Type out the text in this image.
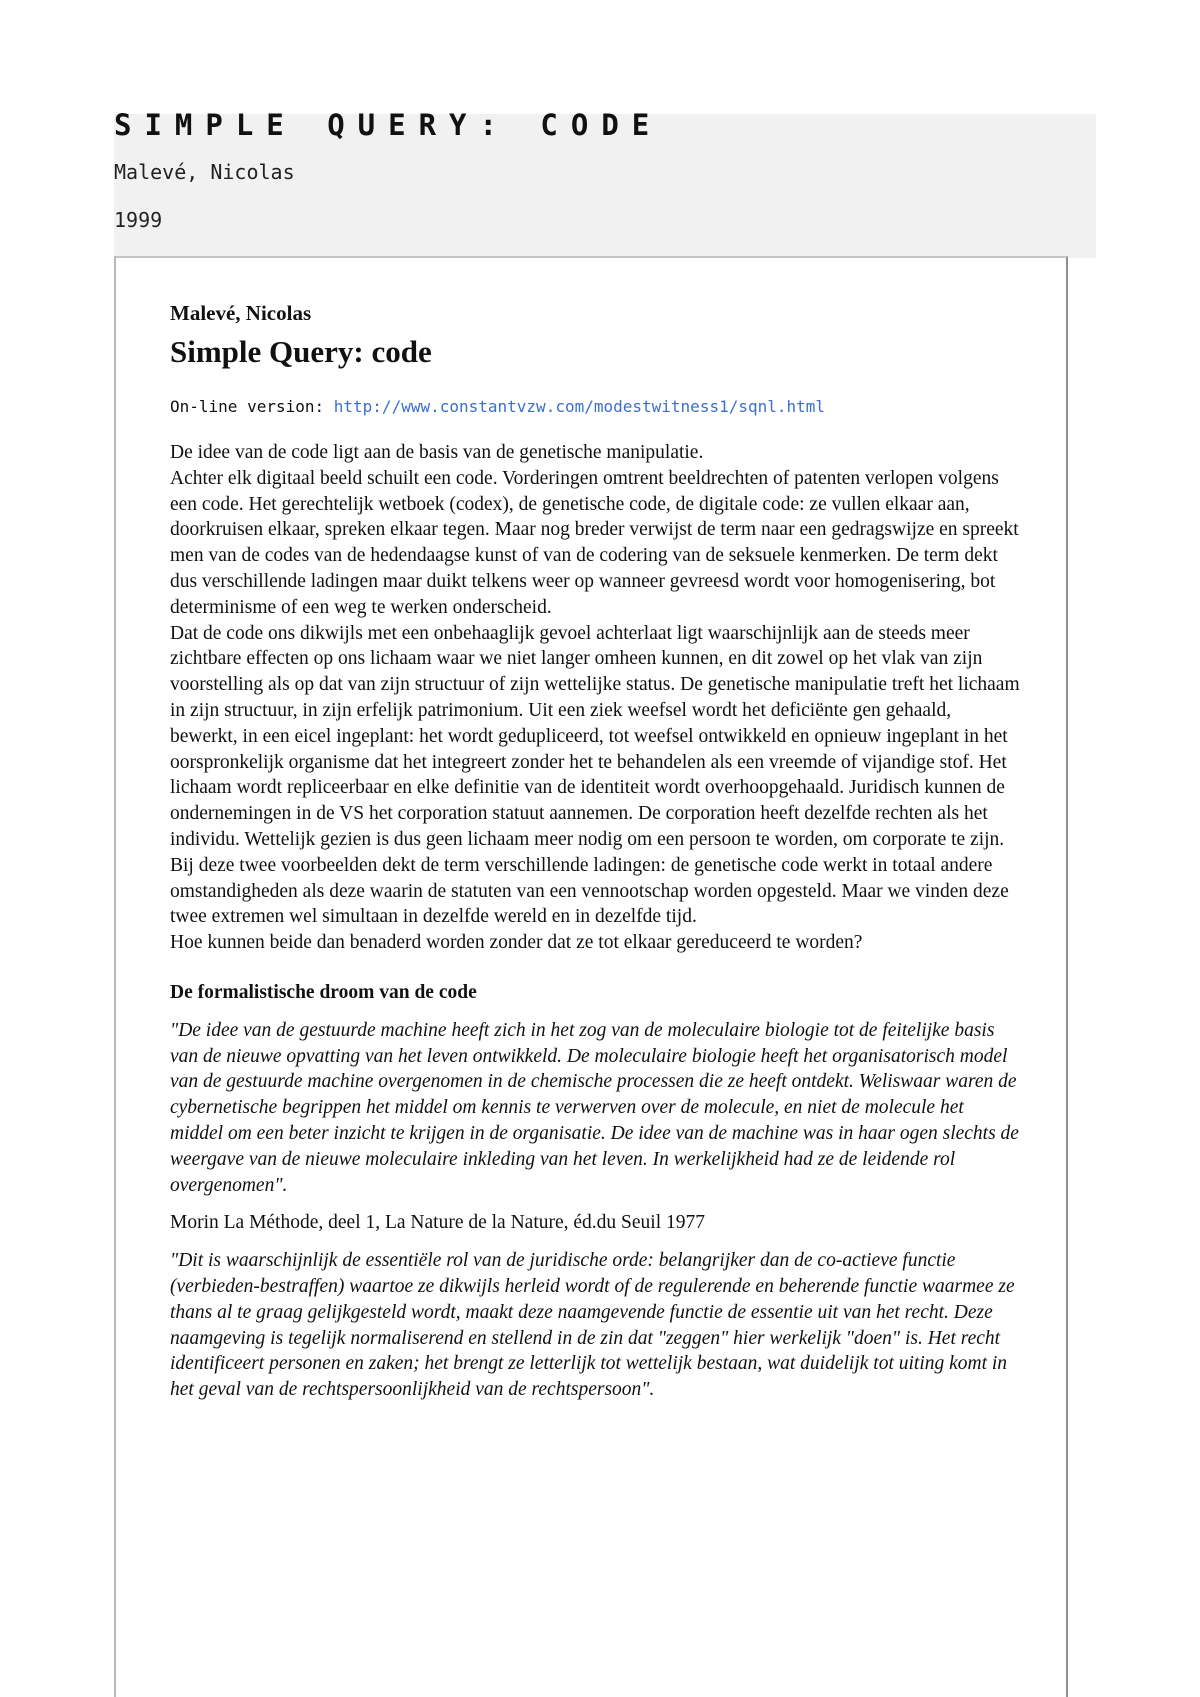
SIMPLE QUERY: CODE
Malevé, Nicolas
1999
Malevé, Nicolas
Simple Query: code
On-line version: http://www.constantvzw.com/modestwitness1/sqnl.html

De idee van de code ligt aan de basis van de genetische manipulatie.

Achter elk digitaal beeld schuilt een code. Vorderingen omtrent beeldrechten of patenten verlopen volgens een code. Het gerechtelijk wetboek (codex), de genetische code, de digitale code: ze vullen elkaar aan, doorkruisen elkaar, spreken elkaar tegen. Maar nog breder verwijst de term naar een gedragswijze en spreekt men van de codes van de hedendaagse kunst of van de codering van de seksuele kenmerken. De term dekt dus verschillende ladingen maar duikt telkens weer op wanneer gevreesd wordt voor homogenisering, bot determinisme of een weg te werken onderscheid.

Dat de code ons dikwijls met een onbehaaglijk gevoel achterlaat ligt waarschijnlijk aan de steeds meer zichtbare effecten op ons lichaam waar we niet langer omheen kunnen, en dit zowel op het vlak van zijn voorstelling als op dat van zijn structuur of zijn wettelijke status. De genetische manipulatie treft het lichaam in zijn structuur, in zijn erfelijk patrimonium. Uit een ziek weefsel wordt het deficiënte gen gehaald, bewerkt, in een eicel ingeplant: het wordt gedupliceerd, tot weefsel ontwikkeld en opnieuw ingeplant in het oorspronkelijk organisme dat het integreert zonder het te behandelen als een vreemde of vijandige stof. Het lichaam wordt repliceerbaar en elke definitie van de identiteit wordt overhoopgehaald. Juridisch kunnen de ondernemingen in de VS het corporation statuut aannemen. De corporation heeft dezelfde rechten als het individu. Wettelijk gezien is dus geen lichaam meer nodig om een persoon te worden, om corporate te zijn. Bij deze twee voorbeelden dekt de term verschillende ladingen: de genetische code werkt in totaal andere omstandigheden als deze waarin de statuten van een vennootschap worden opgesteld. Maar we vinden deze twee extremen wel simultaan in dezelfde wereld en in dezelfde tijd.

Hoe kunnen beide dan benaderd worden zonder dat ze tot elkaar gereduceerd te worden?

De formalistische droom van de code

"De idee van de gestuurde machine heeft zich in het zog van de moleculaire biologie tot de feitelijke basis van de nieuwe opvatting van het leven ontwikkeld. De moleculaire biologie heeft het organisatorisch model van de gestuurde machine overgenomen in de chemische processen die ze heeft ontdekt. Weliswaar waren de cybernetische begrippen het middel om kennis te verwerven over de molecule, en niet de molecule het middel om een beter inzicht te krijgen in de organisatie. De idee van de machine was in haar ogen slechts de weergave van de nieuwe moleculaire inkleding van het leven. In werkelijkheid had ze de leidende rol overgenomen".

Morin La Méthode, deel 1, La Nature de la Nature, éd.du Seuil 1977

"Dit is waarschijnlijk de essentiële rol van de juridische orde: belangrijker dan de co-actieve functie (verbieden-bestraffen) waartoe ze dikwijls herleid wordt of de regulerende en beherende functie waarmee ze thans al te graag gelijkgesteld wordt, maakt deze naamgevende functie de essentie uit van het recht. Deze naamgeving is tegelijk normaliserend en stellend in de zin dat "zeggen" hier werkelijk "doen" is. Het recht identificeert personen en zaken; het brengt ze letterlijk tot wettelijk bestaan, wat duidelijk tot uiting komt in het geval van de rechtspersoonlijkheid van de rechtspersoon".
